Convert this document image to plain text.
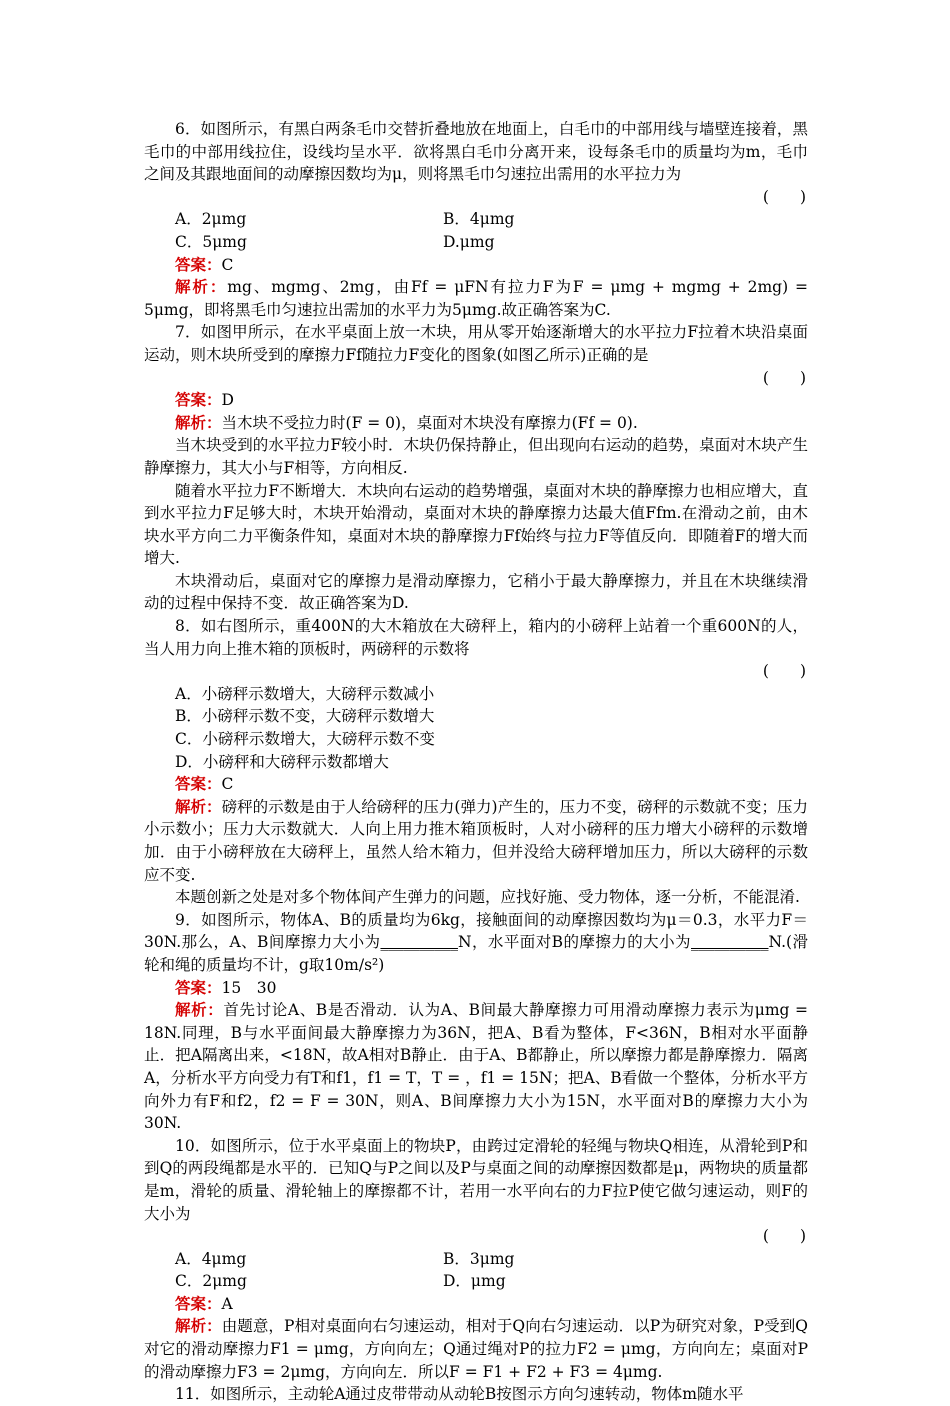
6．如图所示，有黑白两条毛巾交替折叠地放在地面上，白毛巾的中部用线与墙壁连接着，黑毛巾的中部用线拉住，设线均呈水平．欲将黑白毛巾分离开来，设每条毛巾的质量均为m，毛巾之间及其跟地面间的动摩擦因数均为μ，则将黑毛巾匀速拉出需用的水平拉力为

(　　)

A．2μmg	B．4μmg
C．5μmg	D.μmg

答案：C

解析：mg、mgmg、2mg，由Ff = μFN有拉力F为F = μmg + mgmg + 2mg) = 5μmg，即将黑毛巾匀速拉出需加的水平力为5μmg.故正确答案为C.

7．如图甲所示，在水平桌面上放一木块，用从零开始逐渐增大的水平拉力F拉着木块沿桌面运动，则木块所受到的摩擦力Ff随拉力F变化的图象(如图乙所示)正确的是

(　　)

答案：D

解析：当木块不受拉力时(F = 0)，桌面对木块没有摩擦力(Ff = 0).

当木块受到的水平拉力F较小时．木块仍保持静止，但出现向右运动的趋势，桌面对木块产生静摩擦力，其大小与F相等，方向相反.

随着水平拉力F不断增大．木块向右运动的趋势增强，桌面对木块的静摩擦力也相应增大，直到水平拉力F足够大时，木块开始滑动，桌面对木块的静摩擦力达最大值Ffm.在滑动之前，由木块水平方向二力平衡条件知，桌面对木块的静摩擦力Ff始终与拉力F等值反向．即随着F的增大而增大.

木块滑动后，桌面对它的摩擦力是滑动摩擦力，它稍小于最大静摩擦力，并且在木块继续滑动的过程中保持不变．故正确答案为D.

8．如右图所示，重400N的大木箱放在大磅秤上，箱内的小磅秤上站着一个重600N的人，当人用力向上推木箱的顶板时，两磅秤的示数将

(　　)

A．小磅秤示数增大，大磅秤示数减小

B．小磅秤示数不变，大磅秤示数增大

C．小磅秤示数增大，大磅秤示数不变

D．小磅秤和大磅秤示数都增大

答案：C

解析：磅秤的示数是由于人给磅秤的压力(弹力)产生的，压力不变，磅秤的示数就不变；压力小示数小；压力大示数就大．人向上用力推木箱顶板时，人对小磅秤的压力增大小磅秤的示数增加．由于小磅秤放在大磅秤上，虽然人给木箱力，但并没给大磅秤增加压力，所以大磅秤的示数应不变.

本题创新之处是对多个物体间产生弹力的问题，应找好施、受力物体，逐一分析，不能混淆.

9．如图所示，物体A、B的质量均为6kg，接触面间的动摩擦因数均为μ＝0.3，水平力F＝30N.那么，A、B间摩擦力大小为__________N，水平面对B的摩擦力的大小为__________N.(滑轮和绳的质量均不计，g取10m/s²)

答案：15　30

解析：首先讨论A、B是否滑动．认为A、B间最大静摩擦力可用滑动摩擦力表示为μmg = 18N.同理，B与水平面间最大静摩擦力为36N，把A、B看为整体，F<36N，B相对水平面静止．把A隔离出来，<18N，故A相对B静止．由于A、B都静止，所以摩擦力都是静摩擦力．隔离A，分析水平方向受力有T和f1，f1 = T，T = ，f1 = 15N；把A、B看做一个整体，分析水平方向外力有F和f2，f2 = F = 30N，则A、B间摩擦力大小为15N，水平面对B的摩擦力大小为30N.

10．如图所示，位于水平桌面上的物块P，由跨过定滑轮的轻绳与物块Q相连，从滑轮到P和到Q的两段绳都是水平的．已知Q与P之间以及P与桌面之间的动摩擦因数都是μ，两物块的质量都是m，滑轮的质量、滑轮轴上的摩擦都不计，若用一水平向右的力F拉P使它做匀速运动，则F的大小为

(　　)

A．4μmg	B．3μmg
C．2μmg	D．μmg

答案：A

解析：由题意，P相对桌面向右匀速运动，相对于Q向右匀速运动．以P为研究对象，P受到Q对它的滑动摩擦力F1 = μmg，方向向左；Q通过绳对P的拉力F2 = μmg，方向向左；桌面对P的滑动摩擦力F3 = 2μmg，方向向左．所以F = F1 + F2 + F3 = 4μmg.

11．如图所示，主动轮A通过皮带带动从动轮B按图示方向匀速转动，物体m随水平
